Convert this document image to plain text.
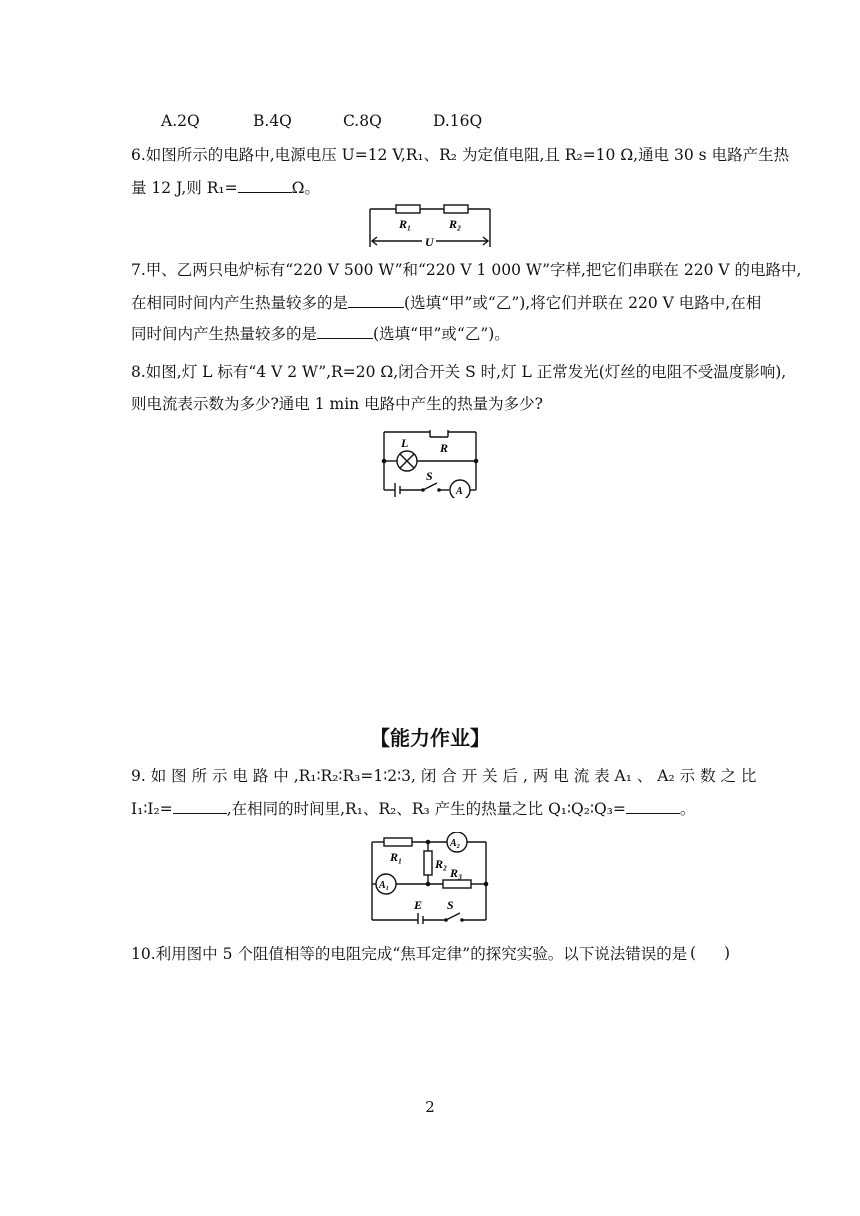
A.2Q	B.4Q	C.8Q	D.16Q
6.如图所示的电路中,电源电压 U=12 V,R₁、R₂ 为定值电阻,且 R₂=10 Ω,通电 30 s 电路产生热
量 12 J,则 R₁=	Ω。
R₁	R₂
U
7.甲、乙两只电炉标有“220 V 500 W”和“220 V 1 000 W”字样,把它们串联在 220 V 的电路中,
在相同时间内产生热量较多的是	(选填“甲”或“乙”),将它们并联在 220 V 电路中,在相
同时间内产生热量较多的是	(选填“甲”或“乙”)。
8.如图,灯 L 标有“4 V 2 W”,R=20 Ω,闭合开关 S 时,灯 L 正常发光(灯丝的电阻不受温度影响),
则电流表示数为多少?通电 1 min 电路中产生的热量为多少?
L	R
S
A
【能力作业】
9. 如 图 所 示 电 路 中 ,R₁∶R₂∶R₃=1∶2∶3, 闭 合 开 关 后 , 两 电 流 表 A₁ 、 A₂ 示 数 之 比
I₁∶I₂=	,在相同的时间里,R₁、R₂、R₃ 产生的热量之比 Q₁∶Q₂∶Q₃=	。
R₁	R₂
R₃
A₂
A₁
E S
10.利用图中 5 个阻值相等的电阻完成“焦耳定律”的探究实验。以下说法错误的是 ( )
2
